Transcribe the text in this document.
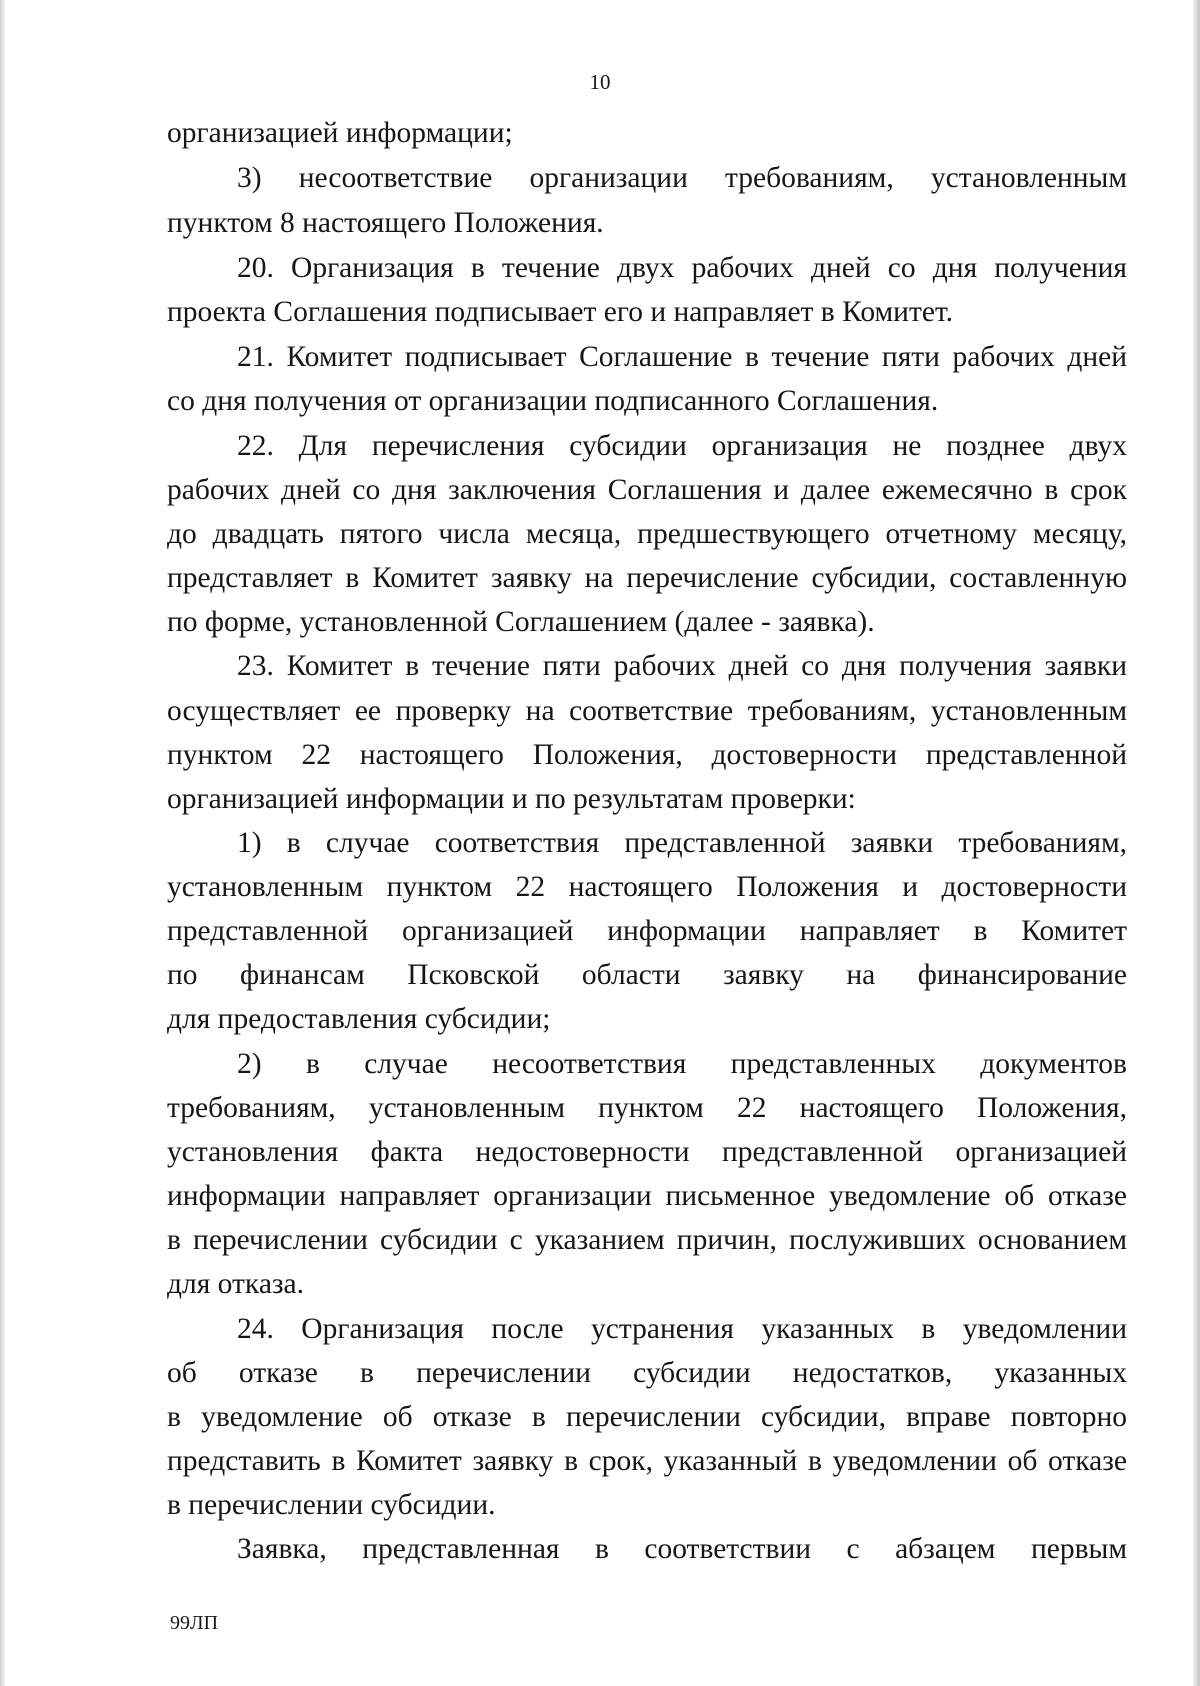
10
организацией информации;
3) несоответствие организации требованиям, установленным
пунктом 8 настоящего Положения.
20. Организация в течение двух рабочих дней со дня получения
проекта Соглашения подписывает его и направляет в Комитет.
21. Комитет подписывает Соглашение в течение пяти рабочих дней
со дня получения от организации подписанного Соглашения.
22. Для перечисления субсидии организация не позднее двух
рабочих дней со дня заключения Соглашения и далее ежемесячно в срок
до двадцать пятого числа месяца, предшествующего отчетному месяцу,
представляет в Комитет заявку на перечисление субсидии, составленную
по форме, установленной Соглашением (далее - заявка).
23. Комитет в течение пяти рабочих дней со дня получения заявки
осуществляет ее проверку на соответствие требованиям, установленным
пунктом 22 настоящего Положения, достоверности представленной
организацией информации и по результатам проверки:
1) в случае соответствия представленной заявки требованиям,
установленным пунктом 22 настоящего Положения и достоверности
представленной организацией информации направляет в Комитет
по финансам Псковской области заявку на финансирование
для предоставления субсидии;
2) в случае несоответствия представленных документов
требованиям, установленным пунктом 22 настоящего Положения,
установления факта недостоверности представленной организацией
информации направляет организации письменное уведомление об отказе
в перечислении субсидии с указанием причин, послуживших основанием
для отказа.
24. Организация после устранения указанных в уведомлении
об отказе в перечислении субсидии недостатков, указанных
в уведомление об отказе в перечислении субсидии, вправе повторно
представить в Комитет заявку в срок, указанный в уведомлении об отказе
в перечислении субсидии.
Заявка, представленная в соответствии с абзацем первым
99ЛП
